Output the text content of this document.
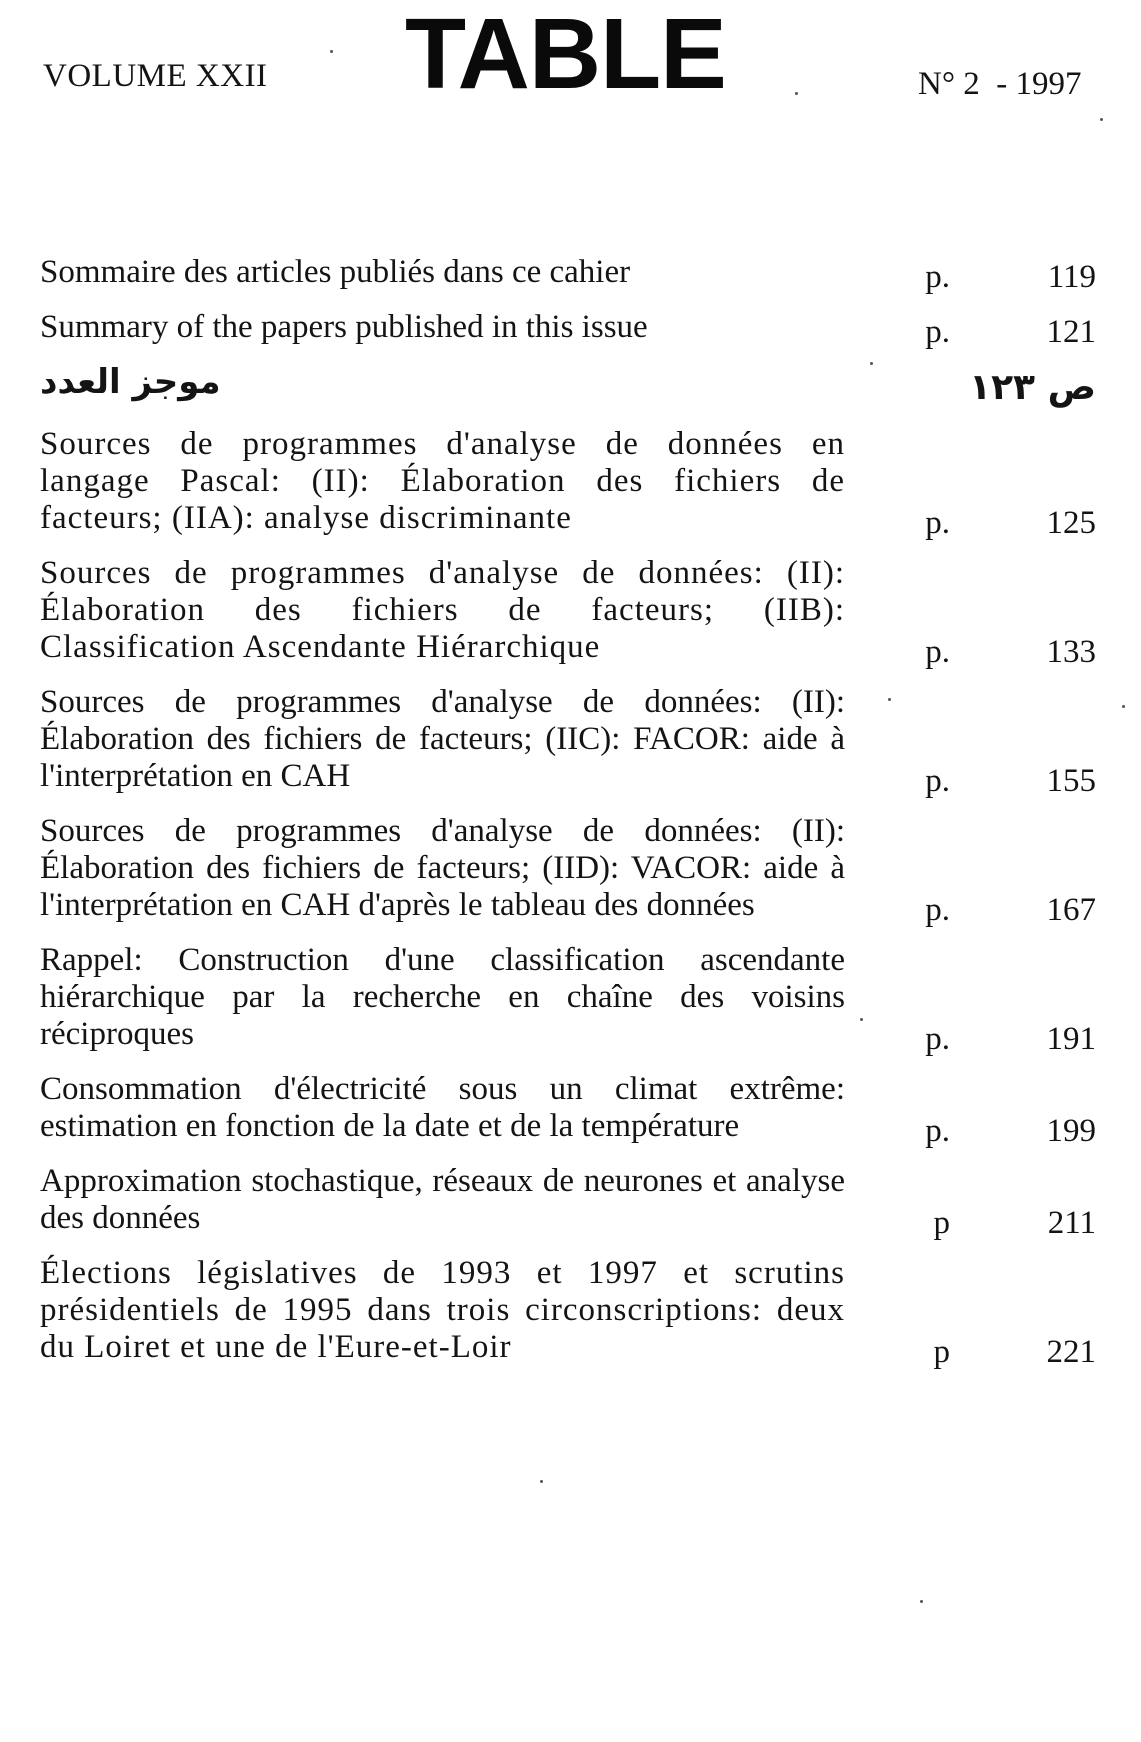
VOLUME XXII TABLE	N° 2  - 1997
Sommaire des articles publiés dans ce cahier	p.	119
Summary of the papers published in this issue	p.	121
موجز العدد	ص ١٢٣
Sources de programmes d'analyse de données en langage Pascal: (II): Élaboration des fichiers de facteurs; (IIA): analyse discriminante	p.	125
Sources de programmes d'analyse de données: (II): Élaboration des fichiers de facteurs; (IIB): Classification Ascendante Hiérarchique	p.	133
Sources de programmes d'analyse de données: (II): Élaboration des fichiers de facteurs; (IIC): FACOR: aide à l'interprétation en CAH	p.	155
Sources de programmes d'analyse de données: (II): Élaboration des fichiers de facteurs; (IID): VACOR: aide à l'interprétation en CAH d'après le tableau des données	p.	167
Rappel: Construction d'une classification ascendante hiérarchique par la recherche en chaîne des voisins réciproques	p.	191
Consommation d'électricité sous un climat extrême: estimation en fonction de la date et de la température	p.	199
Approximation stochastique, réseaux de neurones et analyse des données	p	211
Élections législatives de 1993 et 1997 et scrutins présidentiels de 1995 dans trois circonscriptions: deux du Loiret et une de l'Eure-et-Loir	p	221
